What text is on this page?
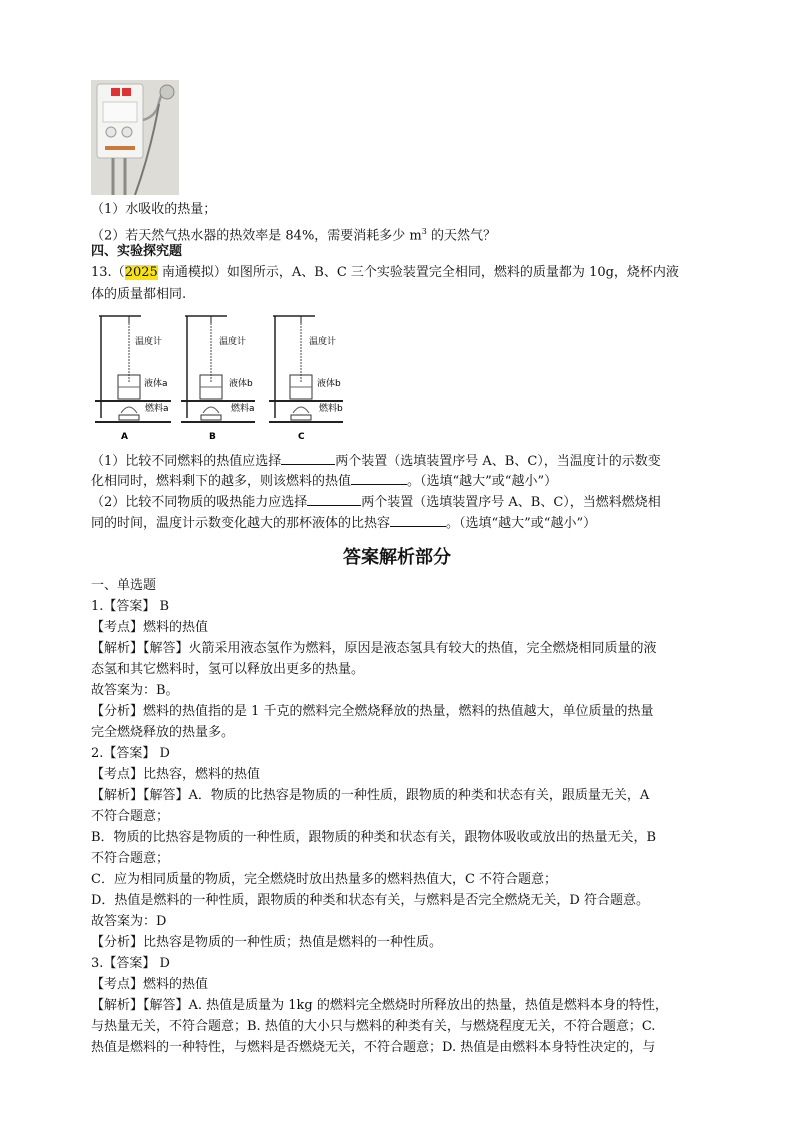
（1）水吸收的热量；
（2）若天然气热水器的热效率是 84%，需要消耗多少 $m^3$ 的天然气？
四、实验探究题
13.（2025 南通模拟）如图所示，A、B、C 三个实验装置完全相同，燃料的质量都为 10g，烧杯内液
体的质量都相同.
温度计
液体a
燃料a
A
温度计
液体b
燃料a
B
温度计
液体b
燃料b
C
（1）比较不同燃料的热值应选择	两个装置（选填装置序号 A、B、C），当温度计的示数变
化相同时，燃料剩下的越多，则该燃料的热值	。（选填“越大”或“越小”）
（2）比较不同物质的吸热能力应选择	两个装置（选填装置序号 A、B、C），当燃料燃烧相
同的时间，温度计示数变化越大的那杯液体的比热容	。（选填“越大”或“越小”）
答案解析部分
一、单选题
1.【答案】 B
【考点】燃料的热值
【解析】【解答】火箭采用液态氢作为燃料，原因是液态氢具有较大的热值，完全燃烧相同质量的液
态氢和其它燃料时，氢可以释放出更多的热量。
故答案为：B。
【分析】燃料的热值指的是 1 千克的燃料完全燃烧释放的热量，燃料的热值越大，单位质量的热量
完全燃烧释放的热量多。
2.【答案】 D
【考点】比热容，燃料的热值
【解析】【解答】A．物质的比热容是物质的一种性质，跟物质的种类和状态有关，跟质量无关，A
不符合题意；
B．物质的比热容是物质的一种性质，跟物质的种类和状态有关，跟物体吸收或放出的热量无关，B
不符合题意；
C．应为相同质量的物质，完全燃烧时放出热量多的燃料热值大，C 不符合题意；
D．热值是燃料的一种性质，跟物质的种类和状态有关，与燃料是否完全燃烧无关，D 符合题意。
故答案为：D
【分析】比热容是物质的一种性质；热值是燃料的一种性质。
3.【答案】 D
【考点】燃料的热值
【解析】【解答】A. 热值是质量为 1kg 的燃料完全燃烧时所释放出的热量，热值是燃料本身的特性，
与热量无关，不符合题意；B. 热值的大小只与燃料的种类有关，与燃烧程度无关，不符合题意；C.
热值是燃料的一种特性，与燃料是否燃烧无关，不符合题意；D. 热值是由燃料本身特性决定的，与
